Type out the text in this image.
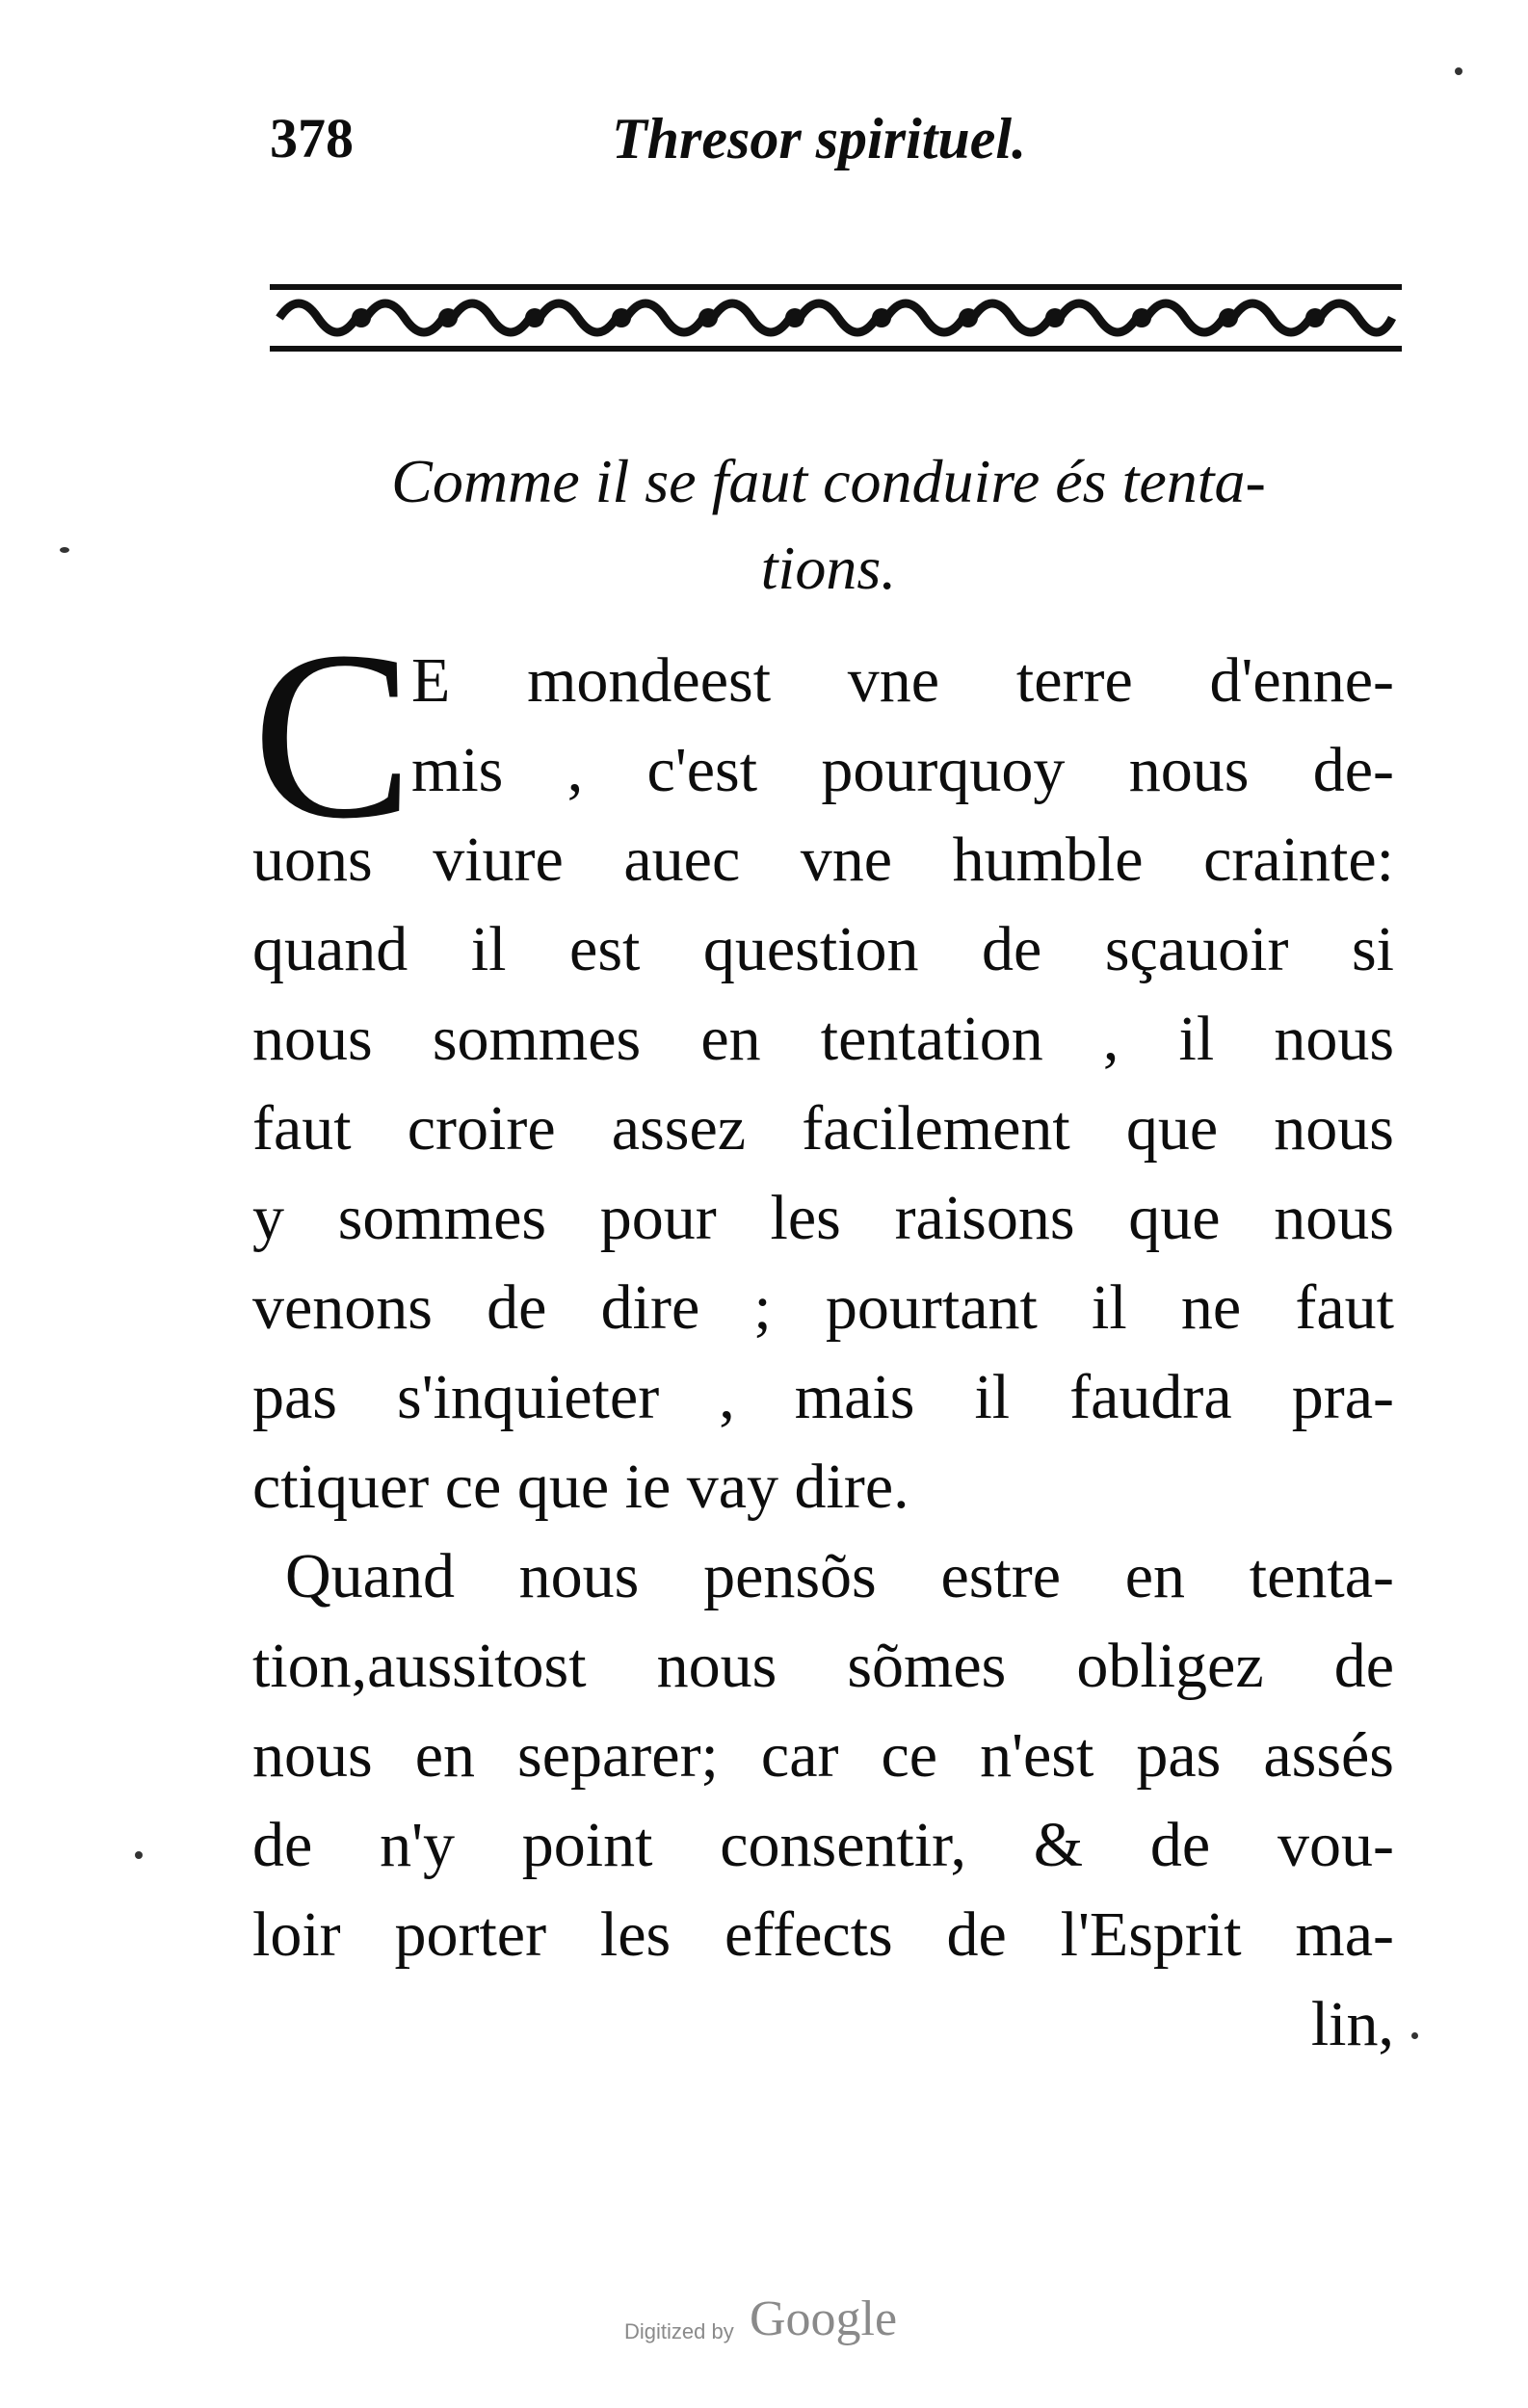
378	Thresor spirituel.
Comme il se faut conduire és tenta-
tions.
C
E mondeest vne terre d'enne-
mis , c'est pourquoy nous de-
uons viure auec vne humble crainte:
quand il est question de sçauoir si
nous sommes en tentation , il nous
faut croire assez facilement que nous
y sommes pour les raisons que nous
venons de dire ; pourtant il ne faut
pas s'inquieter , mais il faudra pra-
ctiquer ce que ie vay dire.
Quand nous pensõs estre en tenta-
tion,aussitost nous sõmes obligez de
nous en separer; car ce n'est pas assés
de n'y point consentir, & de vou-
loir porter les effects de l'Esprit ma-
lin,
Digitized by Google
